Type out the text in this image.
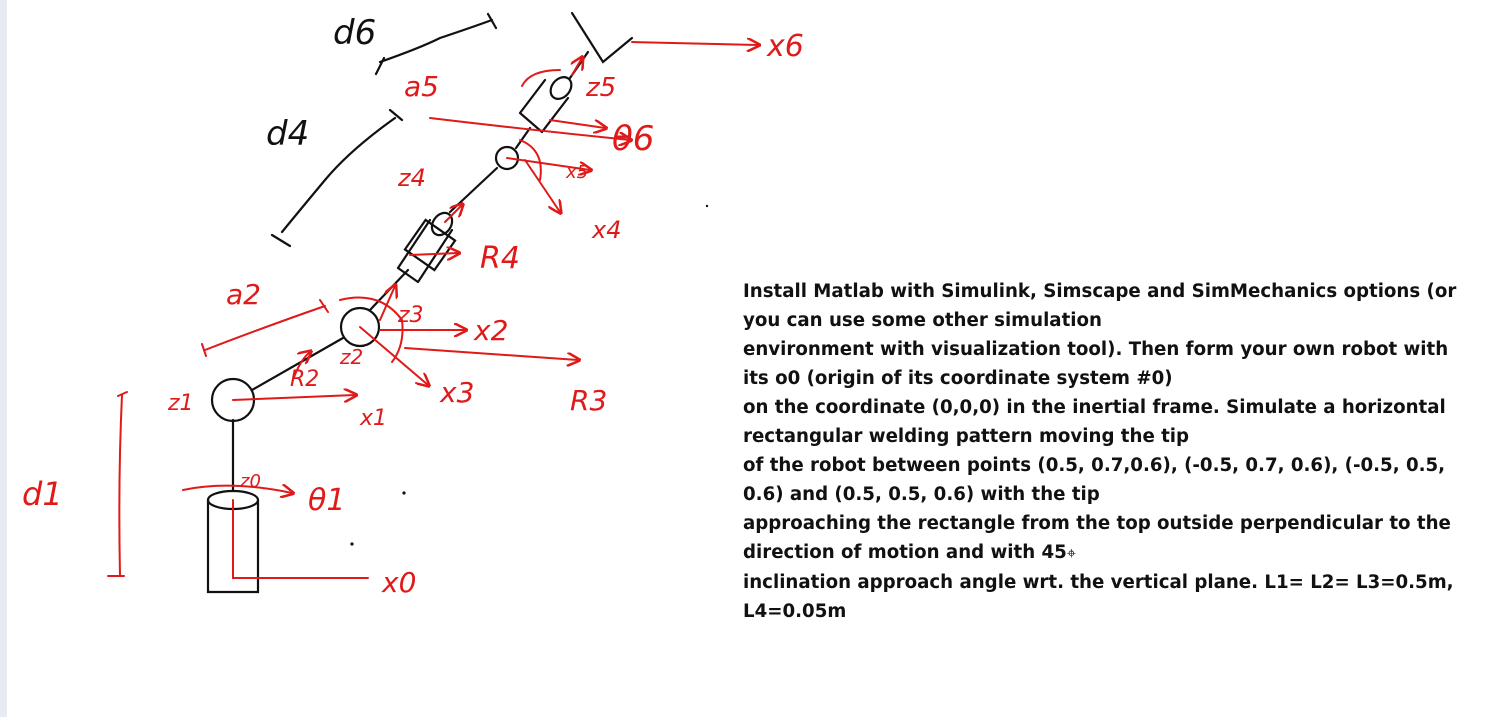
d6
d4
a5
x6
z5
θ6
z4	x5
x4
R4
a2
z3 x2
z2
R2	x3	R3
z1
x1
d1	z0
θ1
x0
Install Matlab with Simulink, Simscape and SimMechanics options (or
you can use some other simulation
environment with visualization tool). Then form your own robot with
its o0 (origin of its coordinate system #0)
on the coordinate (0,0,0) in the inertial frame. Simulate a horizontal
rectangular welding pattern moving the tip
of the robot between points (0.5, 0.7,0.6), (-0.5, 0.7, 0.6), (-0.5, 0.5,
0.6) and (0.5, 0.5, 0.6) with the tip
approaching the rectangle from the top outside perpendicular to the
direction of motion and with 45⌖
inclination approach angle wrt. the vertical plane. L1= L2= L3=0.5m,
L4=0.05m
